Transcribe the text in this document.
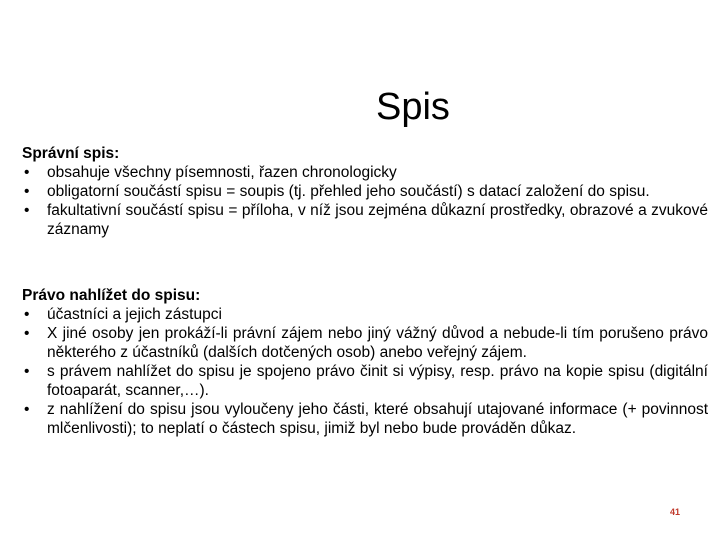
Spis

Správní spis:

• obsahuje všechny písemnosti, řazen chronologicky
• obligatorní součástí spisu = soupis (tj. přehled jeho součástí) s datací založení do spisu.
• fakultativní součástí spisu = příloha, v níž jsou zejména důkazní prostředky, obrazové a zvukové záznamy

Právo nahlížet do spisu:

• účastníci a jejich zástupci
• X jiné osoby jen prokáží-li právní zájem nebo jiný vážný důvod a nebude-li tím porušeno právo některého z účastníků (dalších dotčených osob) anebo veřejný zájem.
• s právem nahlížet do spisu je spojeno právo činit si výpisy, resp. právo na kopie spisu (digitální fotoaparát, scanner,…).
• z nahlížení do spisu jsou vyloučeny jeho části, které obsahují utajované informace (+ povinnost mlčenlivosti); to neplatí o částech spisu, jimiž byl nebo bude prováděn důkaz.
41
